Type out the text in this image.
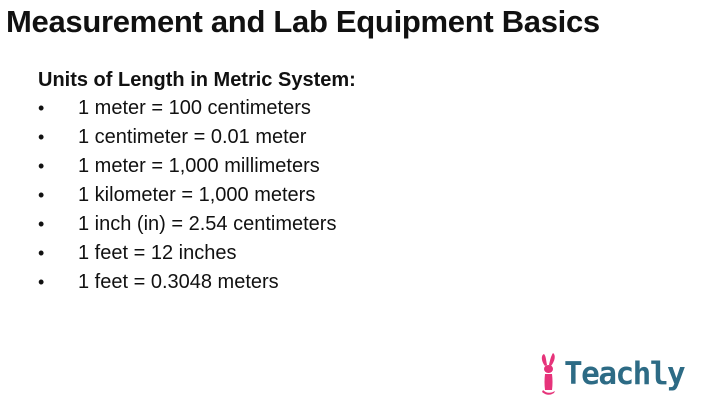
Measurement and Lab Equipment Basics
Units of Length in Metric System:
•	1 meter = 100 centimeters
•	1 centimeter = 0.01 meter
•	1 meter = 1,000 millimeters
•	1 kilometer = 1,000 meters
•	1 inch (in) = 2.54 centimeters
•	1 feet = 12 inches
•	1 feet = 0.3048 meters
Teachly
